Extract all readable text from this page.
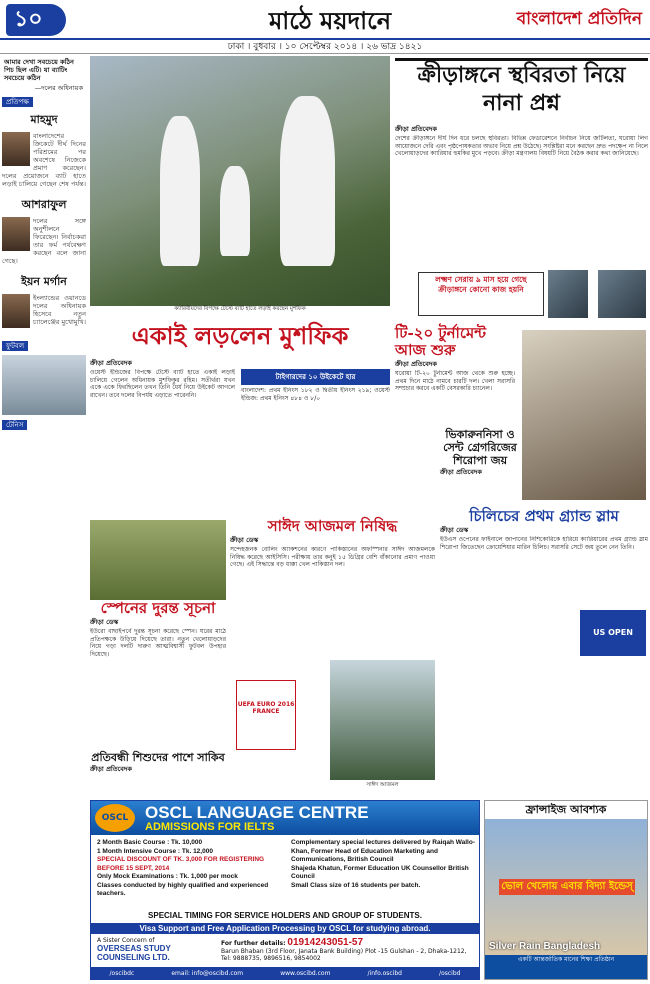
১০	মাঠে ময়দানে	বাংলাদেশ প্রতিদিন
ঢাকা । বুধবার । ১০ সেপ্টেম্বর ২০১৪ । ২৬ ভাদ্র ১৪২১
আমার দেখা সবচেয়ে কঠিন পিচ ছিল এটি। যা ব্যাটিং সবচেয়ে কঠিন
—দলের অধিনায়ক
প্রতিপক্ষ
মাহমুদ
বাংলাদেশের ক্রিকেটে দীর্ঘ দিনের পরিশ্রমের পর অবশেষে নিজেকে প্রমাণ করেছেন। দলের প্রয়োজনে ব্যাট হাতে লড়াই চালিয়ে গেছেন শেষ পর্যন্ত।
আশরাফুল
দলের সঙ্গে অনুশীলনে ফিরেছেন। নির্বাচকরা তার ফর্ম পর্যবেক্ষণ করছেন বলে জানা গেছে।
ইয়ন মর্গান
ইংল্যান্ডের ওয়ানডে দলের অধিনায়ক হিসেবে নতুন চ্যালেঞ্জের মুখোমুখি।
ফুটবল
টেনিস
ক্যারিবীয়দের বিপক্ষে টেস্টে ব্যাট হাতে লড়াই করছেন মুশফিক
ক্রীড়াঙ্গনে স্থবিরতা নিয়ে নানা প্রশ্ন
ক্রীড়া প্রতিবেদক
দেশের ক্রীড়াঙ্গনে দীর্ঘ দিন ধরে চলছে স্থবিরতা। বিভিন্ন ফেডারেশনে নির্বাচন নিয়ে জটিলতা, ঘরোয়া লিগ আয়োজনে দেরি এবং পৃষ্ঠপোষকতার অভাব নিয়ে প্রশ্ন উঠেছে। সংশ্লিষ্টরা মনে করছেন দ্রুত পদক্ষেপ না নিলে খেলোয়াড়দের ক্যারিয়ার হুমকির মুখে পড়বে। ক্রীড়া মন্ত্রণালয় বিষয়টি নিয়ে বৈঠক করার কথা জানিয়েছে।
লক্ষ্মণ সেরায় ৯ মাস হয়ে গেছে ক্রীড়াঙ্গনে কোনো কাজ হয়নি
একাই লড়লেন মুশফিক
ক্রীড়া প্রতিবেদক
ওয়েস্ট ইন্ডিজের বিপক্ষে টেস্টে ব্যাট হাতে একাই লড়াই চালিয়ে গেলেন অধিনায়ক মুশফিকুর রহিম। সতীর্থরা যখন একে একে ফিরছিলেন তখন তিনি ধৈর্য নিয়ে উইকেট আগলে রাখেন। তবে দলের বিপর্যয় এড়াতে পারেননি।
টাইগারদের ১০ উইকেটে হার
বাংলাদেশ: প্রথম ইনিংস ১৮২ ও দ্বিতীয় ইনিংস ২১৯; ওয়েস্ট ইন্ডিজ: প্রথম ইনিংস ৪৮৪ ও ৮/০
টি-২০ টুর্নামেন্ট আজ শুরু
ক্রীড়া প্রতিবেদক
ঘরোয়া টি-২০ টুর্নামেন্ট আজ থেকে শুরু হচ্ছে। প্রথম দিনে মাঠে নামবে চারটি দল। খেলা সরাসরি সম্প্রচার করবে একটি বেসরকারি চ্যানেল।
চিলিচের প্রথম গ্র্যান্ড স্লাম
ক্রীড়া ডেস্ক
ইউএস ওপেনের ফাইনালে জাপানের নিশিকোরিকে হারিয়ে ক্যারিয়ারের প্রথম গ্র্যান্ড স্লাম শিরোপা জিতেছেন ক্রোয়েশিয়ার মারিন চিলিচ। সরাসরি সেটে জয় তুলে নেন তিনি।
US OPEN
সাঈদ আজমল নিষিদ্ধ
ক্রীড়া ডেস্ক
সন্দেহজনক বোলিং অ্যাকশনের কারণে পাকিস্তানের অফস্পিনার সাঈদ আজমলকে নিষিদ্ধ করেছে আইসিসি। পরীক্ষায় তার কনুই ১৫ ডিগ্রির বেশি বাঁকানোর প্রমাণ পাওয়া গেছে। এই সিদ্ধান্তে বড় ধাক্কা খেল পাকিস্তান দল।
সাঈদ আজমল
ভিকারুননিসা ও সেন্ট গ্রেগরিজের শিরোপা জয়
ক্রীড়া প্রতিবেদক
স্পেনের দুরন্ত সূচনা
ক্রীড়া ডেস্ক
ইউরো বাছাইপর্বে দুরন্ত সূচনা করেছে স্পেন। ঘরের মাঠে প্রতিপক্ষকে উড়িয়ে দিয়েছে তারা। নতুন খেলোয়াড়দের নিয়ে গড়া দলটি দারুণ আত্মবিশ্বাসী ফুটবল উপহার দিয়েছে।
UEFA EURO 2016 FRANCE
প্রতিবন্ধী শিশুদের পাশে সাকিব
ক্রীড়া প্রতিবেদক
OSCL OSCL LANGUAGE CENTRE
ADMISSIONS FOR IELTS
2 Month Basic Course : Tk. 10,000
1 Month Intensive Course : Tk. 12,000
SPECIAL DISCOUNT OF TK. 3,000 FOR REGISTERING BEFORE 15 SEPT, 2014
Only Mock Examinations : Tk. 1,000 per mock
Classes conducted by highly qualified and experienced teachers.
Complementary special lectures delivered by Raiqah Wallo-Khan, Former Head of Education Marketing and Communications, British Council
Shajeda Khatun, Former Education UK Counsellor British Council
Small Class size of 16 students per batch.
SPECIAL TIMING FOR SERVICE HOLDERS AND GROUP OF STUDENTS.
Visa Support and Free Application Processing by OSCL for studying abroad.
A Sister Concern of
OVERSEAS STUDY COUNSELING LTD.
For further details: 01914243051-57
Barun Bhaban (3rd Floor, Janata Bank Building) Plot -15 Gulshan - 2, Dhaka-1212, Tel: 9888735, 9896516, 9854002
/oscibdc	email: info@oscibd.com	www.oscibd.com	/info.oscibd	/oscibd
ফ্রান্সাইজ আবশ্যক
ভোল খেলোয় এবার বিদ্যা ইন্ডেস্
Silver Rain Bangladesh
একটি আন্তর্জাতিক মানের শিক্ষা প্রতিষ্ঠান
